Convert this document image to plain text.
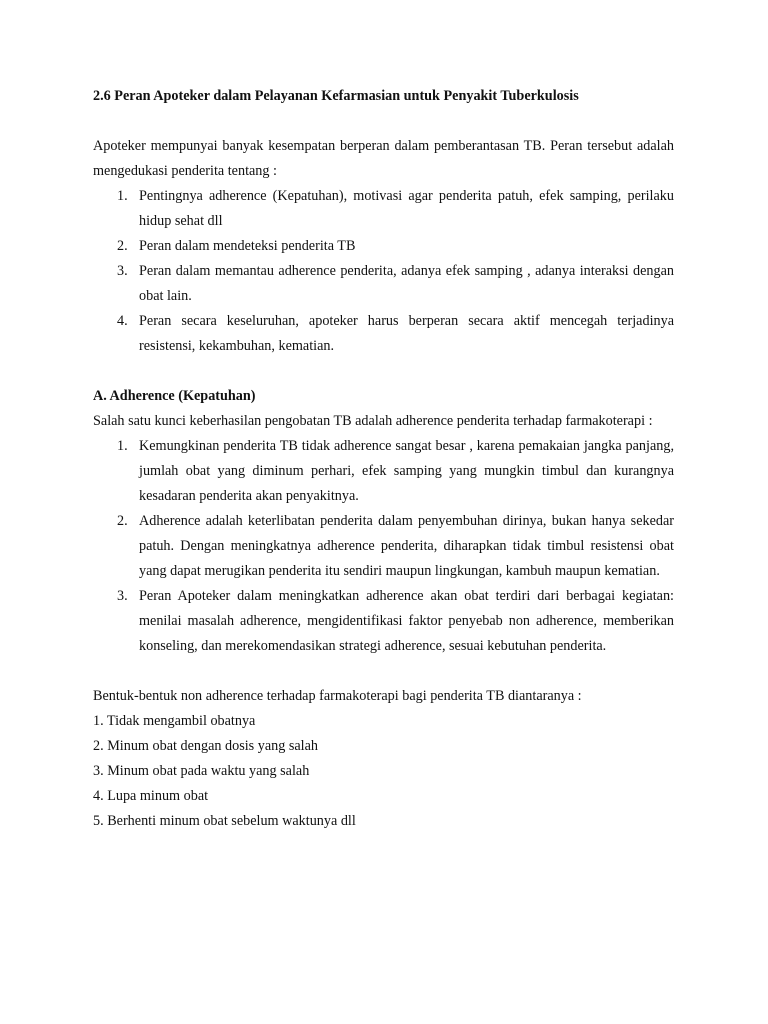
2.6 Peran Apoteker dalam Pelayanan Kefarmasian untuk Penyakit Tuberkulosis

Apoteker mempunyai banyak kesempatan berperan dalam pemberantasan TB. Peran tersebut adalah mengedukasi penderita tentang :

1. Pentingnya adherence (Kepatuhan), motivasi agar penderita patuh, efek samping, perilaku hidup sehat dll
2. Peran dalam mendeteksi penderita TB
3. Peran dalam memantau adherence penderita, adanya efek samping , adanya interaksi dengan obat lain.
4. Peran secara keseluruhan, apoteker harus berperan secara aktif mencegah terjadinya resistensi, kekambuhan, kematian.

A. Adherence (Kepatuhan)

Salah satu kunci keberhasilan pengobatan TB adalah adherence penderita terhadap farmakoterapi :

1. Kemungkinan penderita TB tidak adherence sangat besar , karena pemakaian jangka panjang, jumlah obat yang diminum perhari, efek samping yang mungkin timbul dan kurangnya kesadaran penderita akan penyakitnya.
2. Adherence adalah keterlibatan penderita dalam penyembuhan dirinya, bukan hanya sekedar patuh. Dengan meningkatnya adherence penderita, diharapkan tidak timbul resistensi obat yang dapat merugikan penderita itu sendiri maupun lingkungan, kambuh maupun kematian.
3. Peran Apoteker dalam meningkatkan adherence akan obat terdiri dari berbagai kegiatan: menilai masalah adherence, mengidentifikasi faktor penyebab non adherence, memberikan konseling, dan merekomendasikan strategi adherence, sesuai kebutuhan penderita.

Bentuk-bentuk non adherence terhadap farmakoterapi bagi penderita TB diantaranya :

1. Tidak mengambil obatnya

2. Minum obat dengan dosis yang salah

3. Minum obat pada waktu yang salah

4. Lupa minum obat

5. Berhenti minum obat sebelum waktunya dll
